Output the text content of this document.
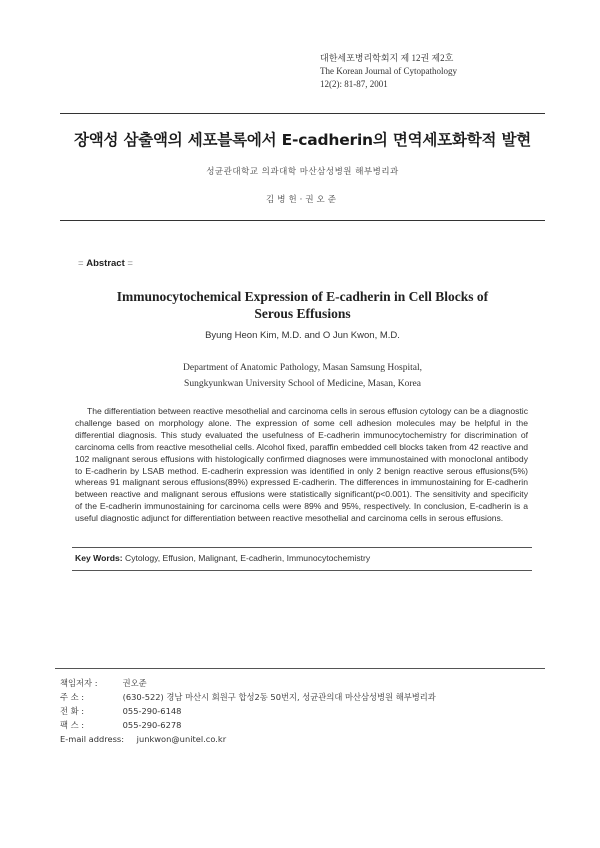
대한세포병리학회지 제 12권 제2호
The Korean Journal of Cytopathology
12(2): 81-87, 2001
장액성 삼출액의 세포블록에서 E-cadherin의 면역세포화학적 발현
성균관대학교 의과대학 마산삼성병원 해부병리과
김병헌·권오준
= Abstract =
Immunocytochemical Expression of E-cadherin in Cell Blocks of
Serous Effusions
Byung Heon Kim, M.D. and O Jun Kwon, M.D.
Department of Anatomic Pathology, Masan Samsung Hospital,
Sungkyunkwan University School of Medicine, Masan, Korea
The differentiation between reactive mesothelial and carcinoma cells in serous effusion cytology can be a diagnostic challenge based on morphology alone. The expression of some cell adhesion molecules may be helpful in the differential diagnosis. This study evaluated the usefulness of E-cadherin immunocytochemistry for discrimination of carcinoma cells from reactive mesothelial cells. Alcohol fixed, paraffin embedded cell blocks taken from 42 reactive and 102 malignant serous effusions with histologically confirmed diagnoses were immunostained with monoclonal antibody to E-cadherin by LSAB method. E-cadherin expression was identified in only 2 benign reactive serous effusions(5%) whereas 91 malignant serous effusions(89%) expressed E-cadherin. The differences in immunostaining for E-cadherin between reactive and malignant serous effusions were statistically significant(p<0.001). The sensitivity and specificity of the E-cadherin immunostaining for carcinoma cells were 89% and 95%, respectively. In conclusion, E-cadherin is a useful diagnostic adjunct for differentiation between reactive mesothelial and carcinoma cells in serous effusions.
Key Words: Cytology, Effusion, Malignant, E-cadherin, Immunocytochemistry
책임저자 :	권오준
주 소 :	(630-522) 경남 마산시 회원구 합성2동 50번지, 성균관의대 마산삼성병원 해부병리과
전 화 :	055-290-6148
팩 스 :	055-290-6278
E-mail address: junkwon@unitel.co.kr
